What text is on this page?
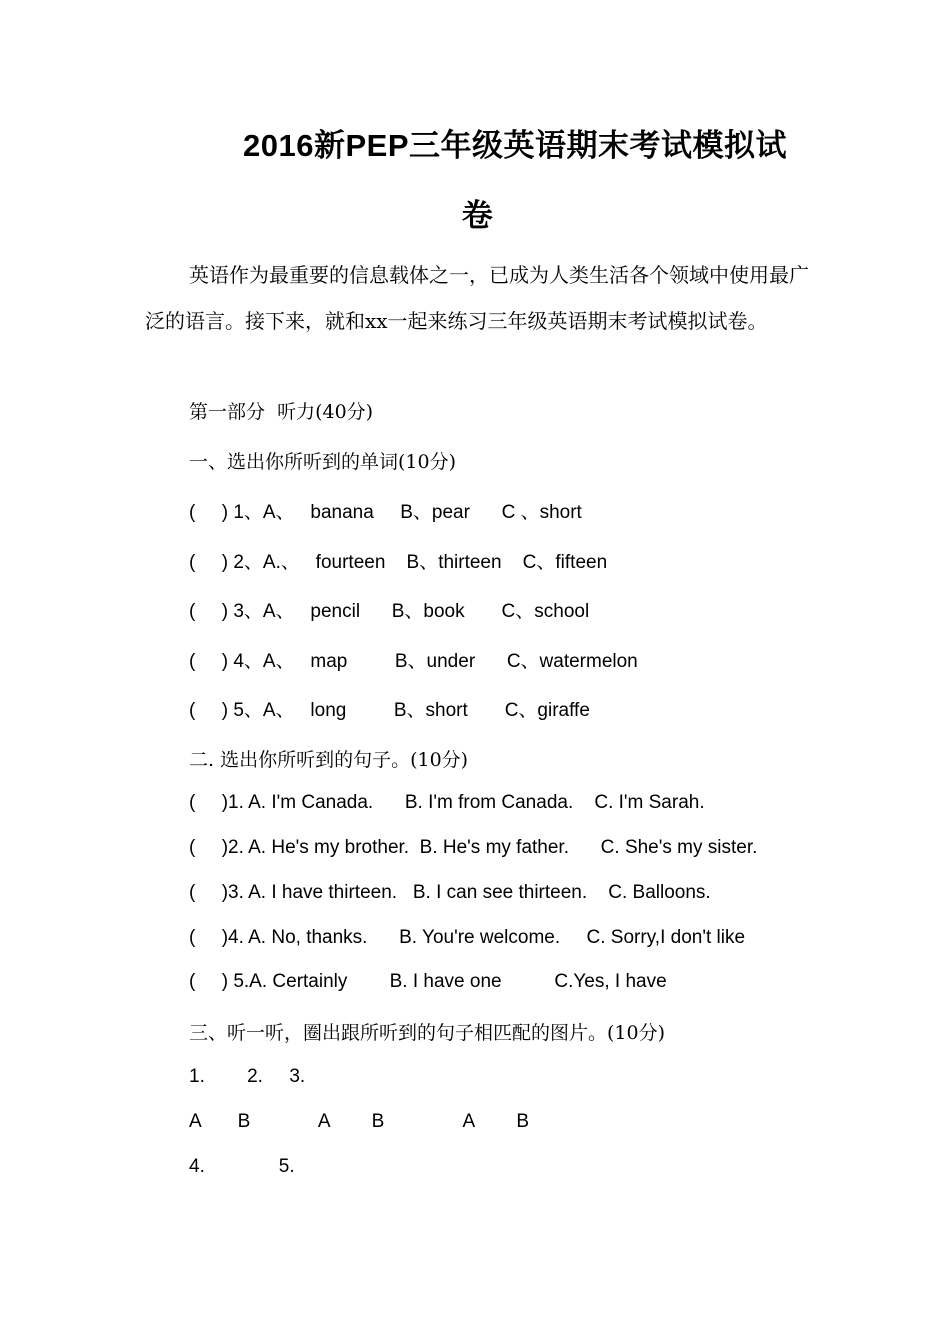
2016新PEP三年级英语期末考试模拟试
卷

英语作为最重要的信息载体之一，已成为人类生活各个领域中使用最广泛的语言。接下来，就和xx一起来练习三年级英语期末考试模拟试卷。

第一部分  听力(40分)
一、选出你所听到的单词(10分)
(     ) 1、A、   banana     B、pear      C 、short
(     ) 2、A.、   fourteen    B、thirteen    C、fifteen
(     ) 3、A、   pencil      B、book       C、school
(     ) 4、A、   map         B、under      C、watermelon
(     ) 5、A、   long         B、short       C、giraffe
二. 选出你所听到的句子。(10分)
(     )1. A. I'm Canada.      B. I'm from Canada.    C. I'm Sarah.
(     )2. A. He's my brother.  B. He's my father.      C. She's my sister.
(     )3. A. I have thirteen.   B. I can see thirteen.    C. Balloons.
(     )4. A. No, thanks.      B. You're welcome.     C. Sorry,I don't like
(     ) 5.A. Certainly        B. I have one          C.Yes, I have
三、听一听，圈出跟所听到的句子相匹配的图片。(10分)
1.        2.     3.
A       B             A        B               A        B
4.              5.
